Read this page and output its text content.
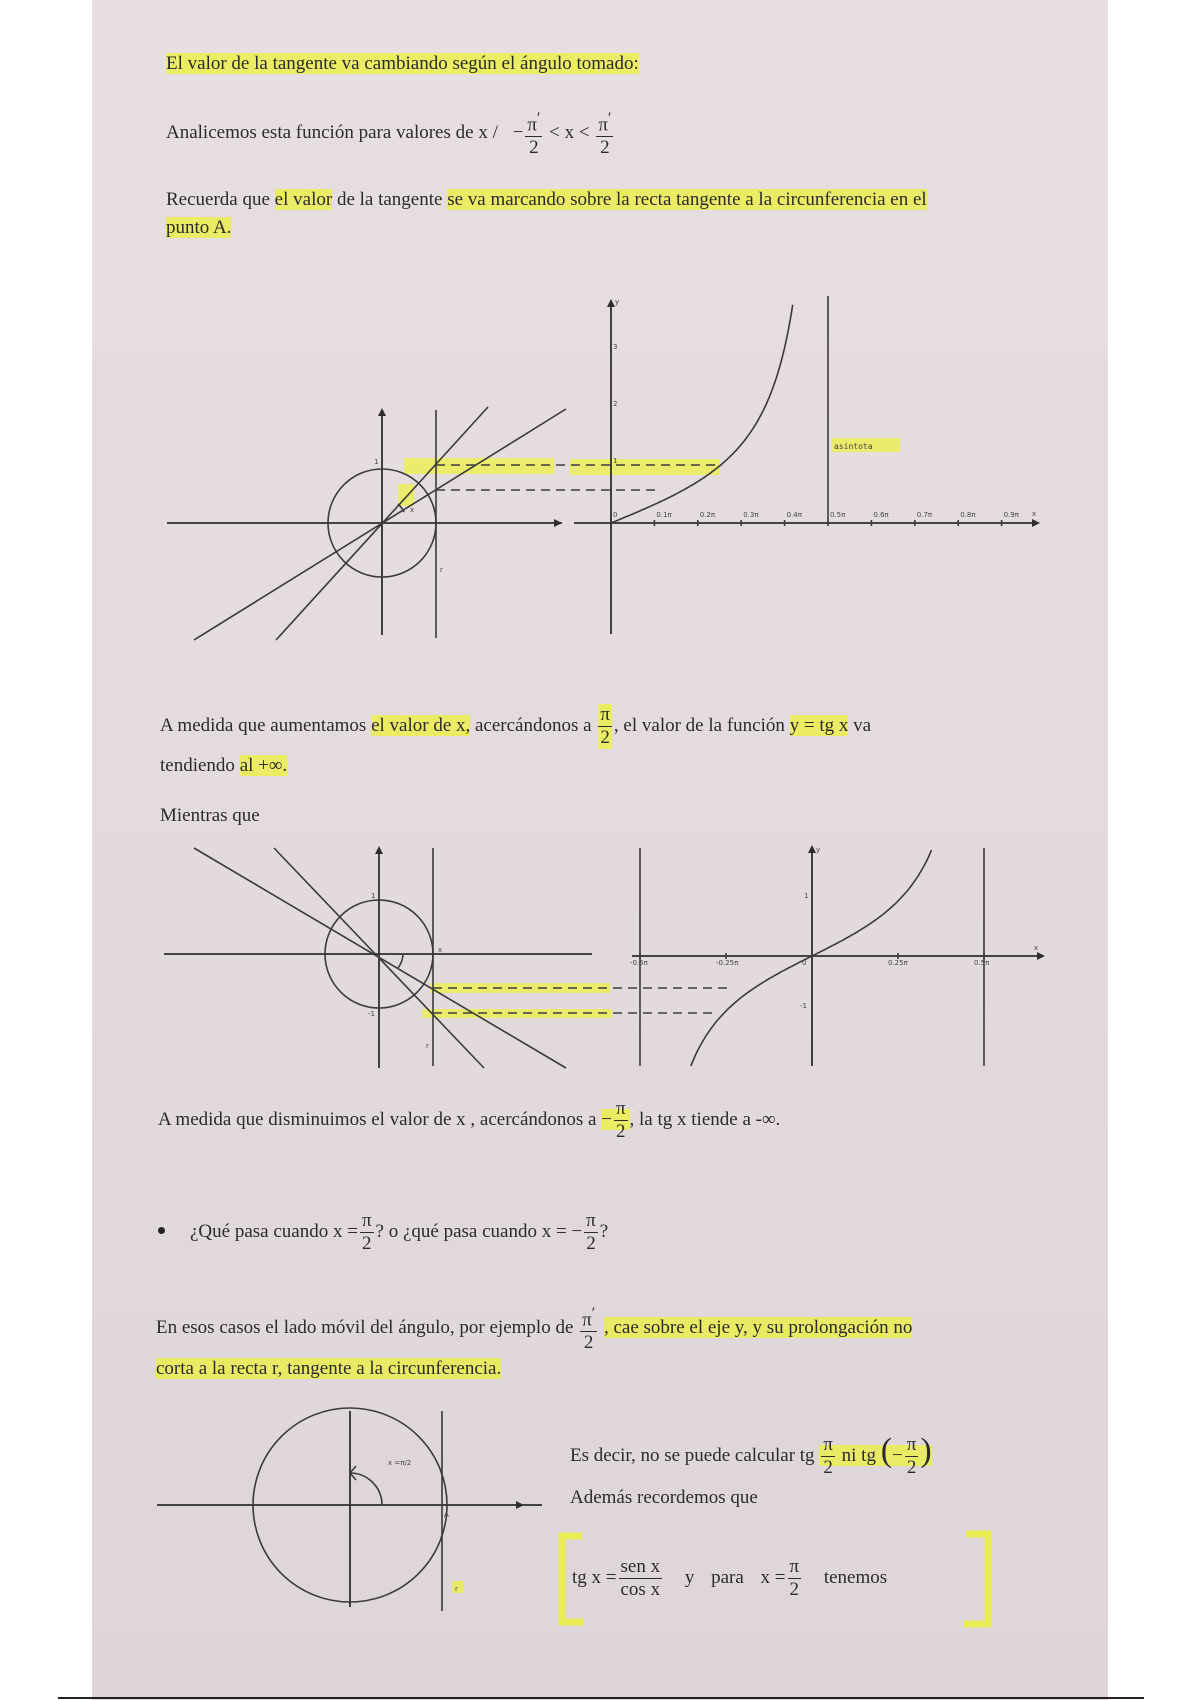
El valor de la tangente va cambiando según el ángulo tomado:
Analicemos esta función para valores de x / − $\frac{\pi'}{2} < x < \frac{\pi'}{2}$
Recuerda que el valor de la tangente se va marcando sobre la recta tangente a la circunferencia en el
punto A.
1
x
r
0	0.1π	0.2π	0.3π	0.4π	0.5π	0.6π	0.7π	0.8π	0.9π
y
x
3
2
1
asíntota
A medida que aumentamos el valor de x, acercándonos a $\frac{\pi}{2}$ , el valor de la función y = tg x va
tendiendo al +∞.
Mientras que
1
-1
x
r
-0.5π	-0.25π	0	0.25π	0.5π
y
x
1
-1
A medida que disminuimos el valor de x , acercándonos $a - \frac{\pi}{2}$ , la tg x tiende a -∞.
¿Qué pasa cuando $x = \frac{\pi}{2}$ ? o ¿qué pasa cuando x = − $\frac{\pi}{2}$ ?
En esos casos el lado móvil del ángulo, por ejemplo de $\frac{\pi'}{2}$ , cae sobre el eje y, y su prolongación no
corta a la recta r, tangente a la circunferencia.
x =π/2
A
r
Es decir, no se puede calcular tg $\frac{\pi}{2}$ ni tg (− $\frac{\pi}{2}$ )
Además recordemos que
tg $x = \frac{\text{sen x}}{\text{cos x}}$ y para $x = \frac{\pi}{2}$ tenemos
